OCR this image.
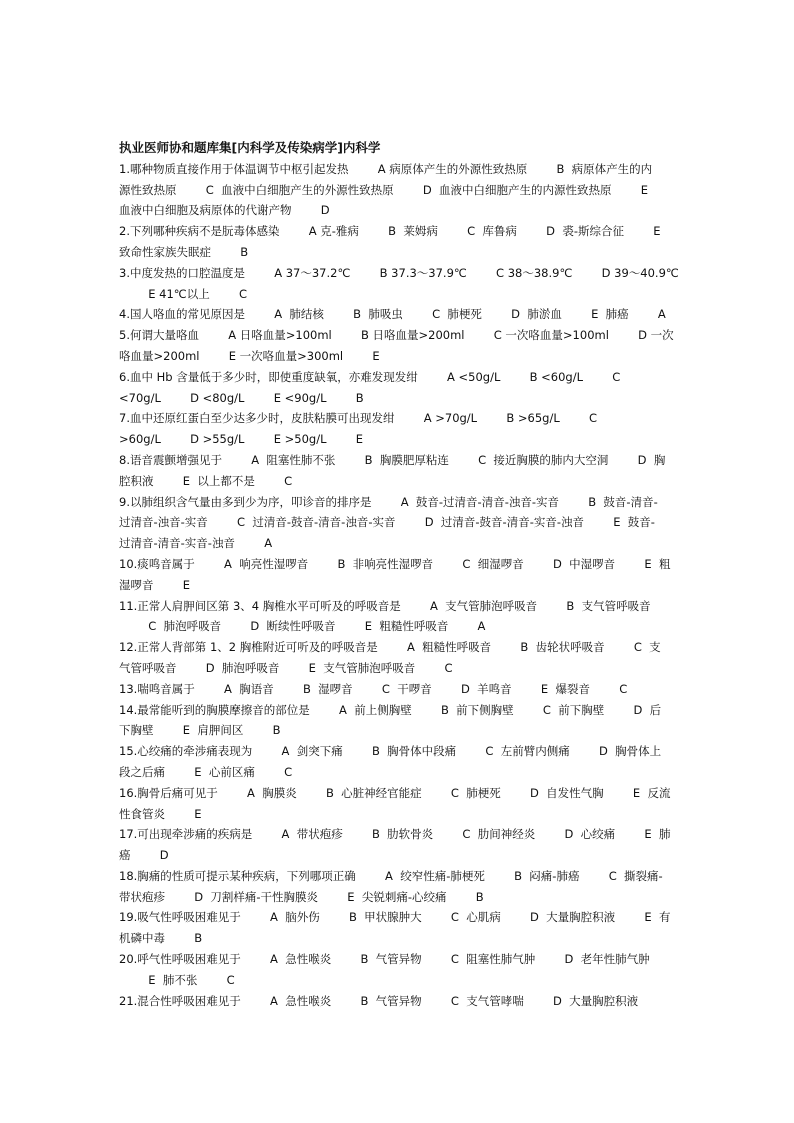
执业医师协和题库集[内科学及传染病学]内科学
1.哪种物质直接作用于体温调节中枢引起发热        A 病原体产生的外源性致热原        B  病原体产生的内
源性致热原        C  血液中白细胞产生的外源性致热原        D  血液中白细胞产生的内源性致热原        E
血液中白细胞及病原体的代谢产物        D
2.下列哪种疾病不是朊毒体感染        A 克-雅病        B  莱姆病        C  库鲁病        D  裘-斯综合征        E
致命性家族失眠症        B
3.中度发热的口腔温度是        A 37～37.2℃        B 37.3～37.9℃        C 38～38.9℃        D 39～40.9℃
E 41℃以上        C
4.国人咯血的常见原因是        A  肺结核        B  肺吸虫        C  肺梗死        D  肺淤血        E  肺癌        A
5.何谓大量咯血        A 日咯血量>100ml        B 日咯血量>200ml        C 一次咯血量>100ml        D 一次
咯血量>200ml        E 一次咯血量>300ml        E
6.血中 Hb 含量低于多少时，即使重度缺氧，亦难发现发绀        A <50g/L        B <60g/L        C
<70g/L        D <80g/L        E <90g/L        B
7.血中还原红蛋白至少达多少时，皮肤粘膜可出现发绀        A >70g/L        B >65g/L        C
>60g/L        D >55g/L        E >50g/L        E
8.语音震颤增强见于        A  阻塞性肺不张        B  胸膜肥厚粘连        C  接近胸膜的肺内大空洞        D  胸
腔积液        E  以上都不是        C
9.以肺组织含气量由多到少为序，叩诊音的排序是        A  鼓音-过清音-清音-浊音-实音        B  鼓音-清音-
过清音-浊音-实音        C  过清音-鼓音-清音-浊音-实音        D  过清音-鼓音-清音-实音-浊音        E  鼓音-
过清音-清音-实音-浊音        A
10.痰鸣音属于        A  响亮性湿啰音        B  非响亮性湿啰音        C  细湿啰音        D  中湿啰音        E  粗
湿啰音        E
11.正常人肩胛间区第 3、4 胸椎水平可听及的呼吸音是        A  支气管肺泡呼吸音        B  支气管呼吸音
C  肺泡呼吸音        D  断续性呼吸音        E  粗糙性呼吸音        A
12.正常人背部第 1、2 胸椎附近可听及的呼吸音是        A  粗糙性呼吸音        B  齿轮状呼吸音        C  支
气管呼吸音        D  肺泡呼吸音        E  支气管肺泡呼吸音        C
13.喘鸣音属于        A  胸语音        B  湿啰音        C  干啰音        D  羊鸣音        E  爆裂音        C
14.最常能听到的胸膜摩擦音的部位是        A  前上侧胸壁        B  前下侧胸壁        C  前下胸壁        D  后
下胸壁        E  肩胛间区        B
15.心绞痛的牵涉痛表现为        A  剑突下痛        B  胸骨体中段痛        C  左前臂内侧痛        D  胸骨体上
段之后痛        E  心前区痛        C
16.胸骨后痛可见于        A  胸膜炎        B  心脏神经官能症        C  肺梗死        D  自发性气胸        E  反流
性食管炎        E
17.可出现牵涉痛的疾病是        A  带状疱疹        B  肋软骨炎        C  肋间神经炎        D  心绞痛        E  肺
癌        D
18.胸痛的性质可提示某种疾病，下列哪项正确        A  绞窄性痛-肺梗死        B  闷痛-肺癌        C  撕裂痛-
带状疱疹        D  刀割样痛-干性胸膜炎        E  尖锐刺痛-心绞痛        B
19.吸气性呼吸困难见于        A  脑外伤        B  甲状腺肿大        C  心肌病        D  大量胸腔积液        E  有
机磷中毒        B
20.呼气性呼吸困难见于        A  急性喉炎        B  气管异物        C  阻塞性肺气肿        D  老年性肺气肿
E  肺不张        C
21.混合性呼吸困难见于        A  急性喉炎        B  气管异物        C  支气管哮喘        D  大量胸腔积液
